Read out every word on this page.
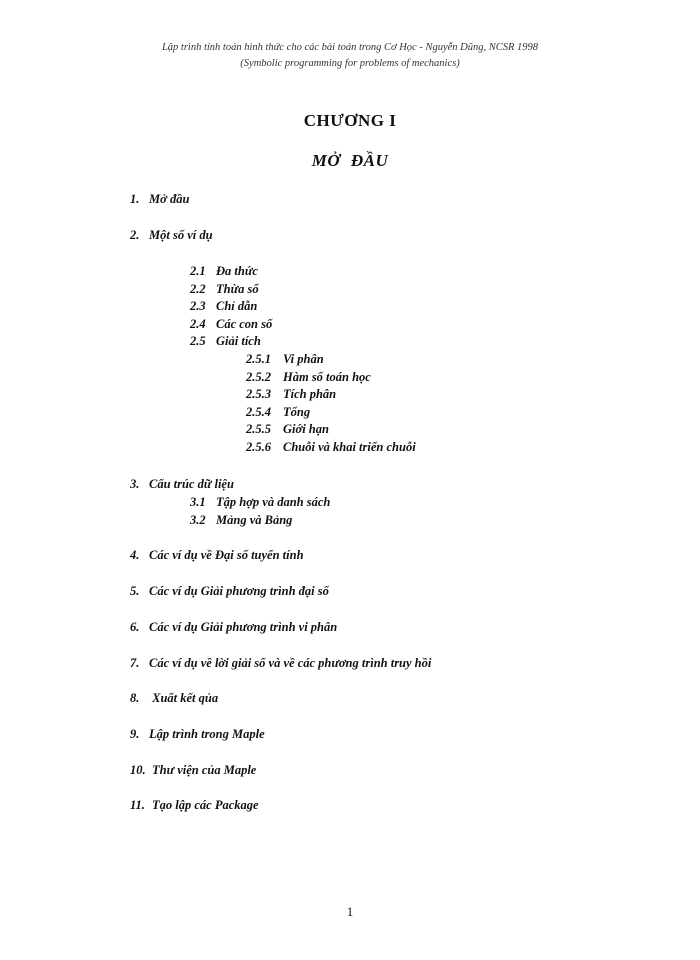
Lập trình tính toán hình thức cho các bài toán trong Cơ Học - Nguyễn Dũng, NCSR 1998
(Symbolic programming for problems of mechanics)
CHƯƠNG I
MỞ ĐẦU
1. Mở đầu
2. Một số ví dụ
2.1 Đa thức
2.2 Thừa số
2.3 Chỉ dẫn
2.4 Các con số
2.5 Giải tích
2.5.1 Vi phân
2.5.2 Hàm số toán học
2.5.3 Tích phân
2.5.4 Tổng
2.5.5 Giới hạn
2.5.6 Chuỗi và khai triển chuỗi
3. Cấu trúc dữ liệu
3.1 Tập hợp và danh sách
3.2 Mảng và Bảng
4. Các ví dụ về Đại số tuyến tính
5. Các ví dụ Giải phương trình đại số
6. Các ví dụ Giải phương trình vi phân
7. Các ví dụ về lời giải số và về các phương trình truy hồi
8. Xuất kết qủa
9. Lập trình trong Maple
10. Thư viện của Maple
11. Tạo lập các Package
1
